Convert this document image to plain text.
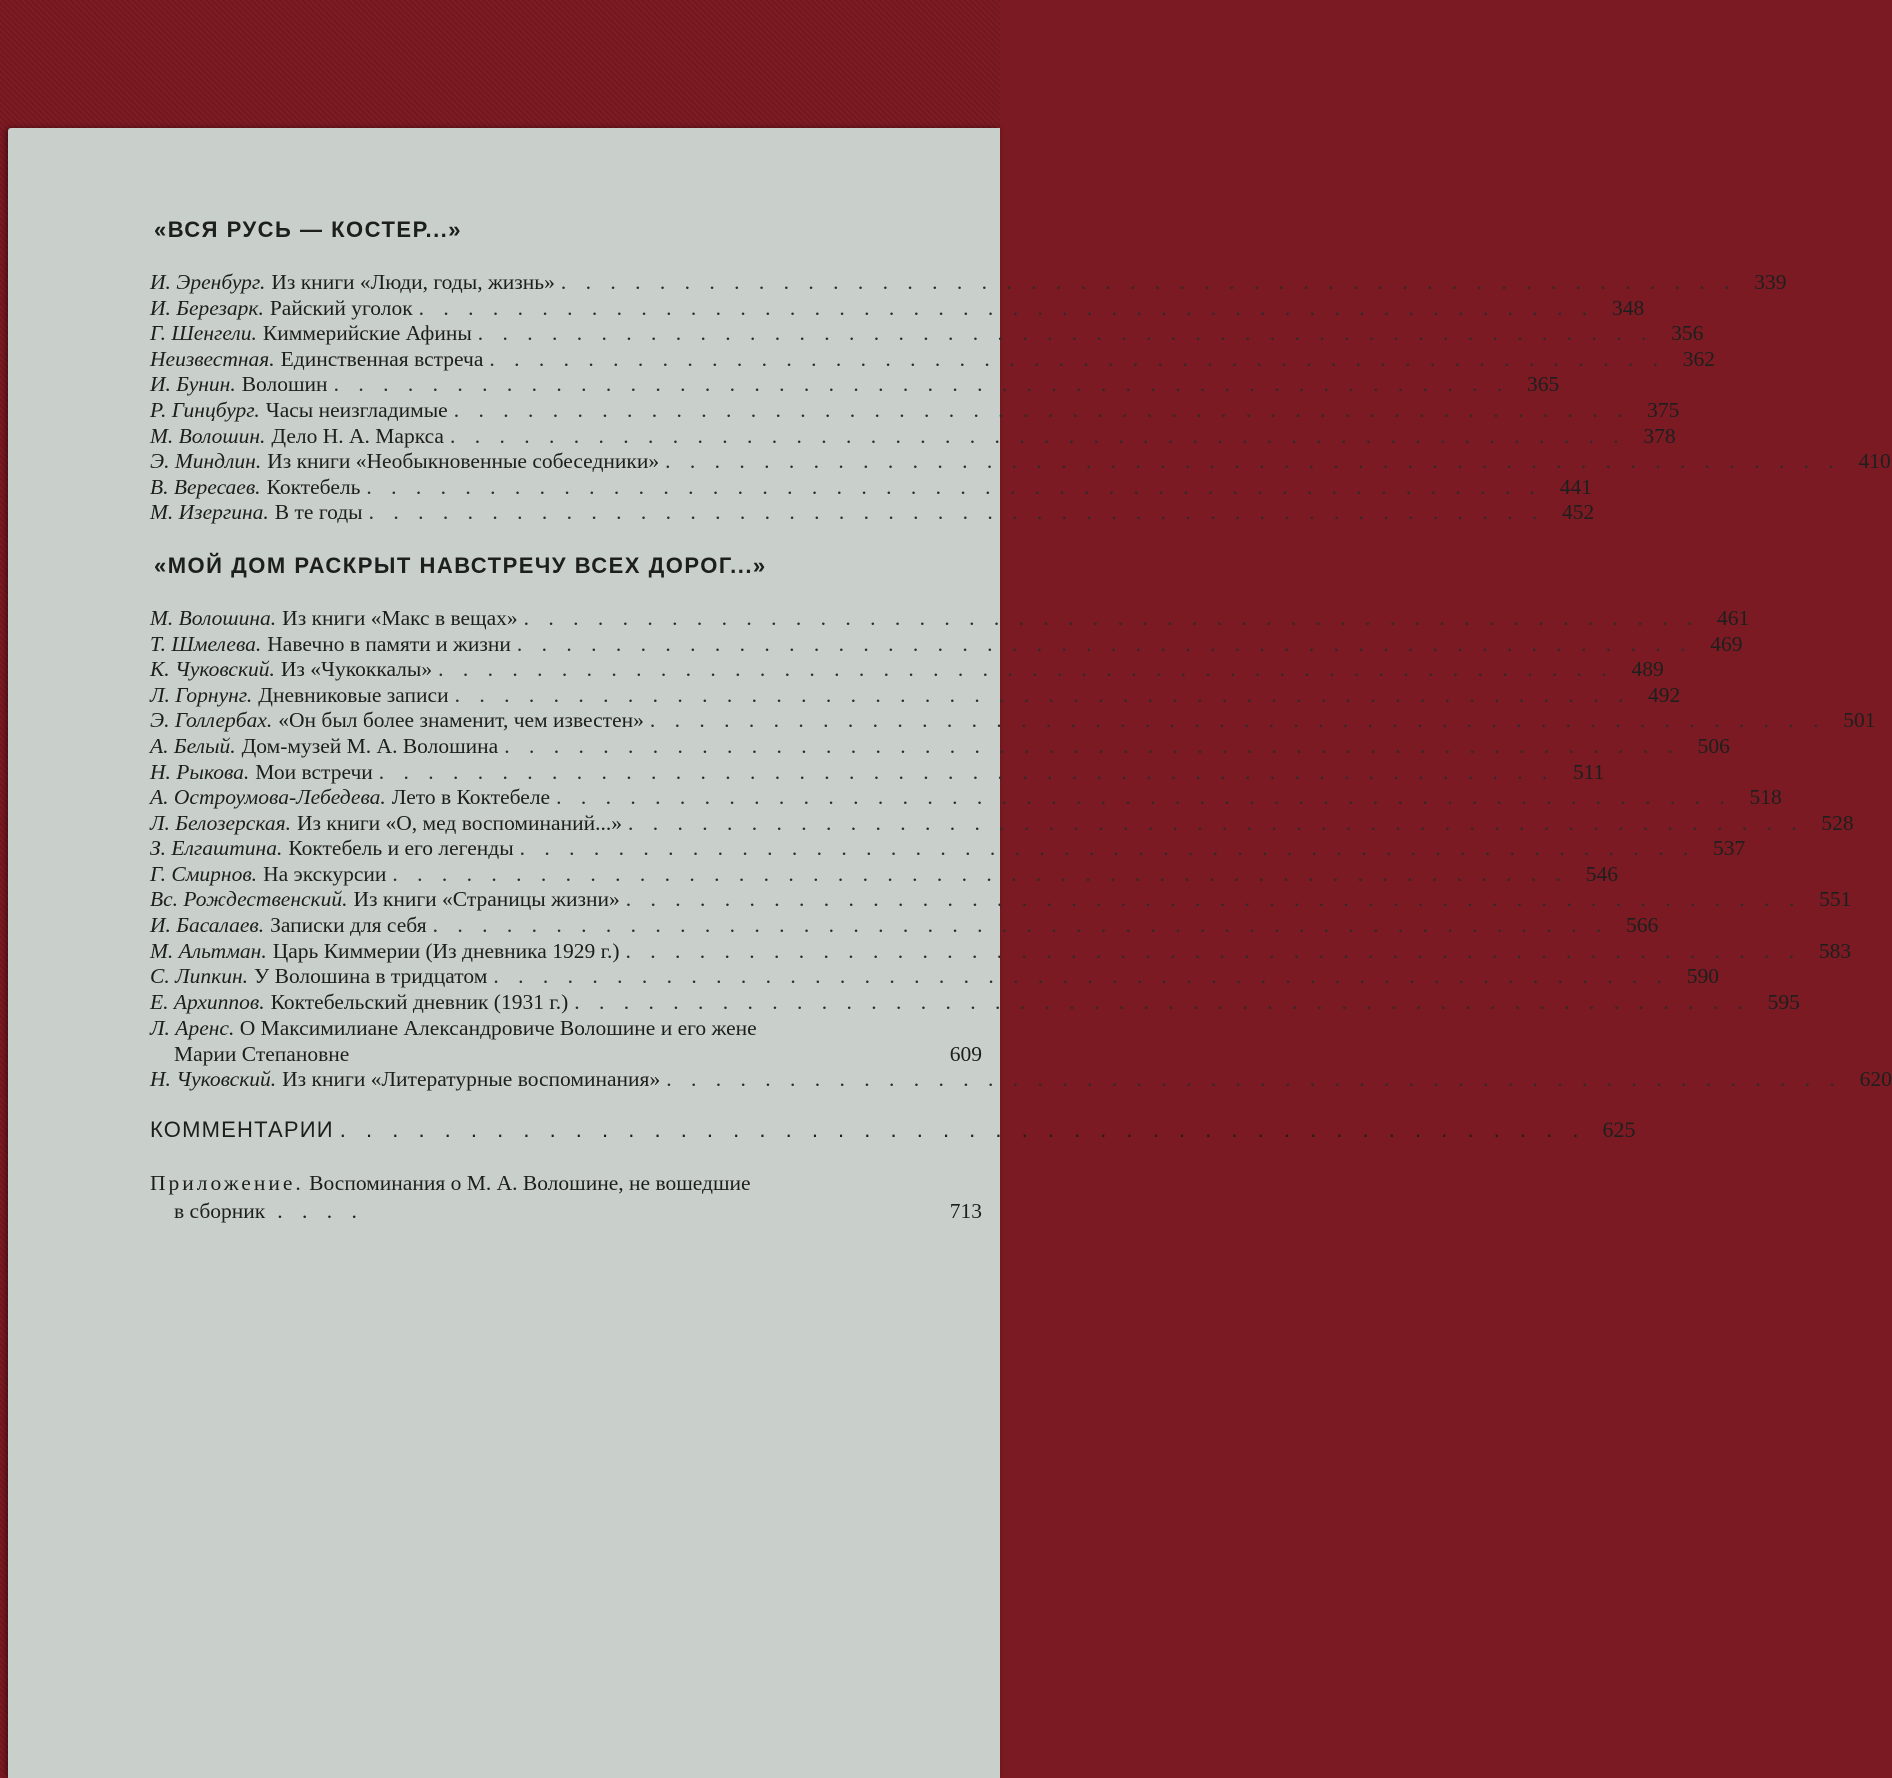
«ВСЯ РУСЬ — КОСТЕР...»
И. Эренбург. Из книги «Люди, годы, жизнь» . . . . . . . . . . . . . . . . . . . . . . . . . . . . . . . . . . . . . . . . . . . . . . . . 339
И. Березарк. Райский уголок . . . . . . . . . . . . . . . . . . . . . . . . . . . . . . . . . . . . . . . . . . . . . . . . 348
Г. Шенгели. Киммерийские Афины . . . . . . . . . . . . . . . . . . . . . . . . . . . . . . . . . . . . . . . . . . . . . . . . 356
Неизвестная. Единственная встреча . . . . . . . . . . . . . . . . . . . . . . . . . . . . . . . . . . . . . . . . . . . . . . . . 362
И. Бунин. Волошин . . . . . . . . . . . . . . . . . . . . . . . . . . . . . . . . . . . . . . . . . . . . . . . . 365
Р. Гинцбург. Часы неизгладимые . . . . . . . . . . . . . . . . . . . . . . . . . . . . . . . . . . . . . . . . . . . . . . . . 375
М. Волошин. Дело Н. А. Маркса . . . . . . . . . . . . . . . . . . . . . . . . . . . . . . . . . . . . . . . . . . . . . . . . 378
Э. Миндлин. Из книги «Необыкновенные собеседники» . . . . . . . . . . . . . . . . . . . . . . . . . . . . . . . . . . . . . . . . . . . . . . . . 410
В. Вересаев. Коктебель . . . . . . . . . . . . . . . . . . . . . . . . . . . . . . . . . . . . . . . . . . . . . . . . 441
М. Изергина. В те годы . . . . . . . . . . . . . . . . . . . . . . . . . . . . . . . . . . . . . . . . . . . . . . . . 452
«МОЙ ДОМ РАСКРЫТ НАВСТРЕЧУ ВСЕХ ДОРОГ...»
М. Волошина. Из книги «Макс в вещах» . . . . . . . . . . . . . . . . . . . . . . . . . . . . . . . . . . . . . . . . . . . . . . . . 461
Т. Шмелева. Навечно в памяти и жизни . . . . . . . . . . . . . . . . . . . . . . . . . . . . . . . . . . . . . . . . . . . . . . . . 469
К. Чуковский. Из «Чукоккалы» . . . . . . . . . . . . . . . . . . . . . . . . . . . . . . . . . . . . . . . . . . . . . . . . 489
Л. Горнунг. Дневниковые записи . . . . . . . . . . . . . . . . . . . . . . . . . . . . . . . . . . . . . . . . . . . . . . . . 492
Э. Голлербах. «Он был более знаменит, чем известен» . . . . . . . . . . . . . . . . . . . . . . . . . . . . . . . . . . . . . . . . . . . . . . . . 501
А. Белый. Дом-музей М. А. Волошина . . . . . . . . . . . . . . . . . . . . . . . . . . . . . . . . . . . . . . . . . . . . . . . . 506
Н. Рыкова. Мои встречи . . . . . . . . . . . . . . . . . . . . . . . . . . . . . . . . . . . . . . . . . . . . . . . . 511
А. Остроумова-Лебедева. Лето в Коктебеле . . . . . . . . . . . . . . . . . . . . . . . . . . . . . . . . . . . . . . . . . . . . . . . . 518
Л. Белозерская. Из книги «О, мед воспоминаний...» . . . . . . . . . . . . . . . . . . . . . . . . . . . . . . . . . . . . . . . . . . . . . . . . 528
З. Елгаштина. Коктебель и его легенды . . . . . . . . . . . . . . . . . . . . . . . . . . . . . . . . . . . . . . . . . . . . . . . . 537
Г. Смирнов. На экскурсии . . . . . . . . . . . . . . . . . . . . . . . . . . . . . . . . . . . . . . . . . . . . . . . . 546
Вс. Рождественский. Из книги «Страницы жизни» . . . . . . . . . . . . . . . . . . . . . . . . . . . . . . . . . . . . . . . . . . . . . . . . 551
И. Басалаев. Записки для себя . . . . . . . . . . . . . . . . . . . . . . . . . . . . . . . . . . . . . . . . . . . . . . . . 566
М. Альтман. Царь Киммерии (Из дневника 1929 г.) . . . . . . . . . . . . . . . . . . . . . . . . . . . . . . . . . . . . . . . . . . . . . . . . 583
С. Липкин. У Волошина в тридцатом . . . . . . . . . . . . . . . . . . . . . . . . . . . . . . . . . . . . . . . . . . . . . . . . 590
Е. Архиппов. Коктебельский дневник (1931 г.) . . . . . . . . . . . . . . . . . . . . . . . . . . . . . . . . . . . . . . . . . . . . . . . . 595
Л. Аренс. О Максимилиане Александровиче Волошине и его жене
Марии Степановне	609
Н. Чуковский. Из книги «Литературные воспоминания» . . . . . . . . . . . . . . . . . . . . . . . . . . . . . . . . . . . . . . . . . . . . . . . . 620
КОММЕНТАРИИ . . . . . . . . . . . . . . . . . . . . . . . . . . . . . . . . . . . . . . . . . . . . . . . . 625
Приложение. Воспоминания о М. А. Волошине, не вошедшие
в сборник . . . .	713
